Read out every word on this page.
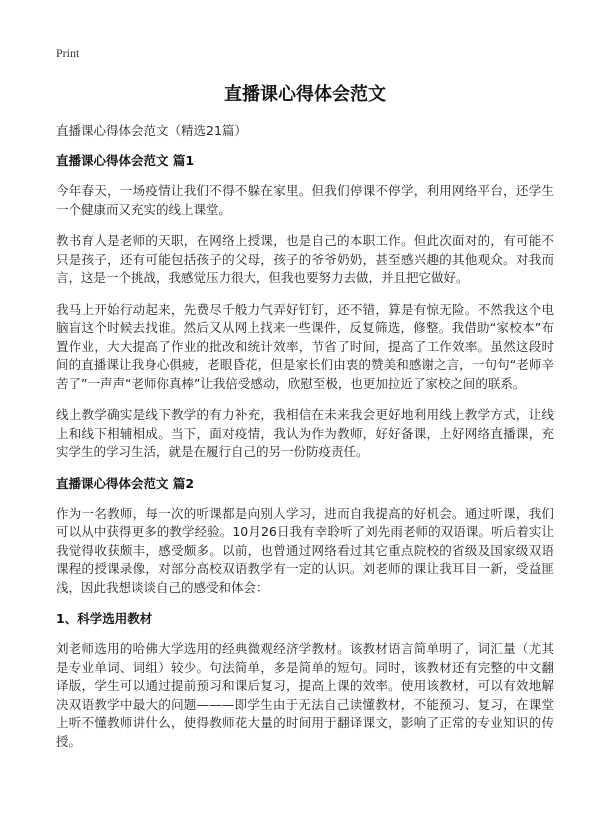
Print
直播课心得体会范文

直播课心得体会范文（精选21篇）

直播课心得体会范文 篇1

今年春天，一场疫情让我们不得不躲在家里。但我们停课不停学，利用网络平台，还学生一个健康而又充实的线上课堂。

教书育人是老师的天职，在网络上授课，也是自己的本职工作。但此次面对的，有可能不只是孩子，还有可能包括孩子的父母，孩子的爷爷奶奶，甚至感兴趣的其他观众。对我而言，这是一个挑战，我感觉压力很大，但我也要努力去做，并且把它做好。

我马上开始行动起来，先费尽千般力气弄好钉钉，还不错，算是有惊无险。不然我这个电脑盲这个时候去找谁。然后又从网上找来一些课件，反复筛选，修整。我借助“家校本”布置作业，大大提高了作业的批改和统计效率，节省了时间，提高了工作效率。虽然这段时间的直播课让我身心俱疲，老眼昏花，但是家长们由衷的赞美和感谢之言，一句句“老师辛苦了”一声声“老师你真棒”让我倍受感动，欣慰至极，也更加拉近了家校之间的联系。

线上教学确实是线下教学的有力补充，我相信在未来我会更好地利用线上教学方式，让线上和线下相辅相成。当下，面对疫情，我认为作为教师，好好备课，上好网络直播课，充实学生的学习生活，就是在履行自己的另一份防疫责任。

直播课心得体会范文 篇2

作为一名教师，每一次的听课都是向别人学习，进而自我提高的好机会。通过听课，我们可以从中获得更多的教学经验。10月26日我有幸聆听了刘先雨老师的双语课。听后着实让我觉得收获颇丰，感受颇多。以前，也曾通过网络看过其它重点院校的省级及国家级双语课程的授课录像，对部分高校双语教学有一定的认识。刘老师的课让我耳目一新，受益匪浅，因此我想谈谈自己的感受和体会：

1、科学选用教材

刘老师选用的哈佛大学选用的经典微观经济学教材。该教材语言简单明了，词汇量（尤其是专业单词、词组）较少。句法简单，多是简单的短句。同时，该教材还有完整的中文翻译版，学生可以通过提前预习和课后复习，提高上课的效率。使用该教材，可以有效地解决双语教学中最大的问题———即学生由于无法自己读懂教材，不能预习、复习，在课堂上听不懂教师讲什么，使得教师花大量的时间用于翻译课文，影响了正常的专业知识的传授。
